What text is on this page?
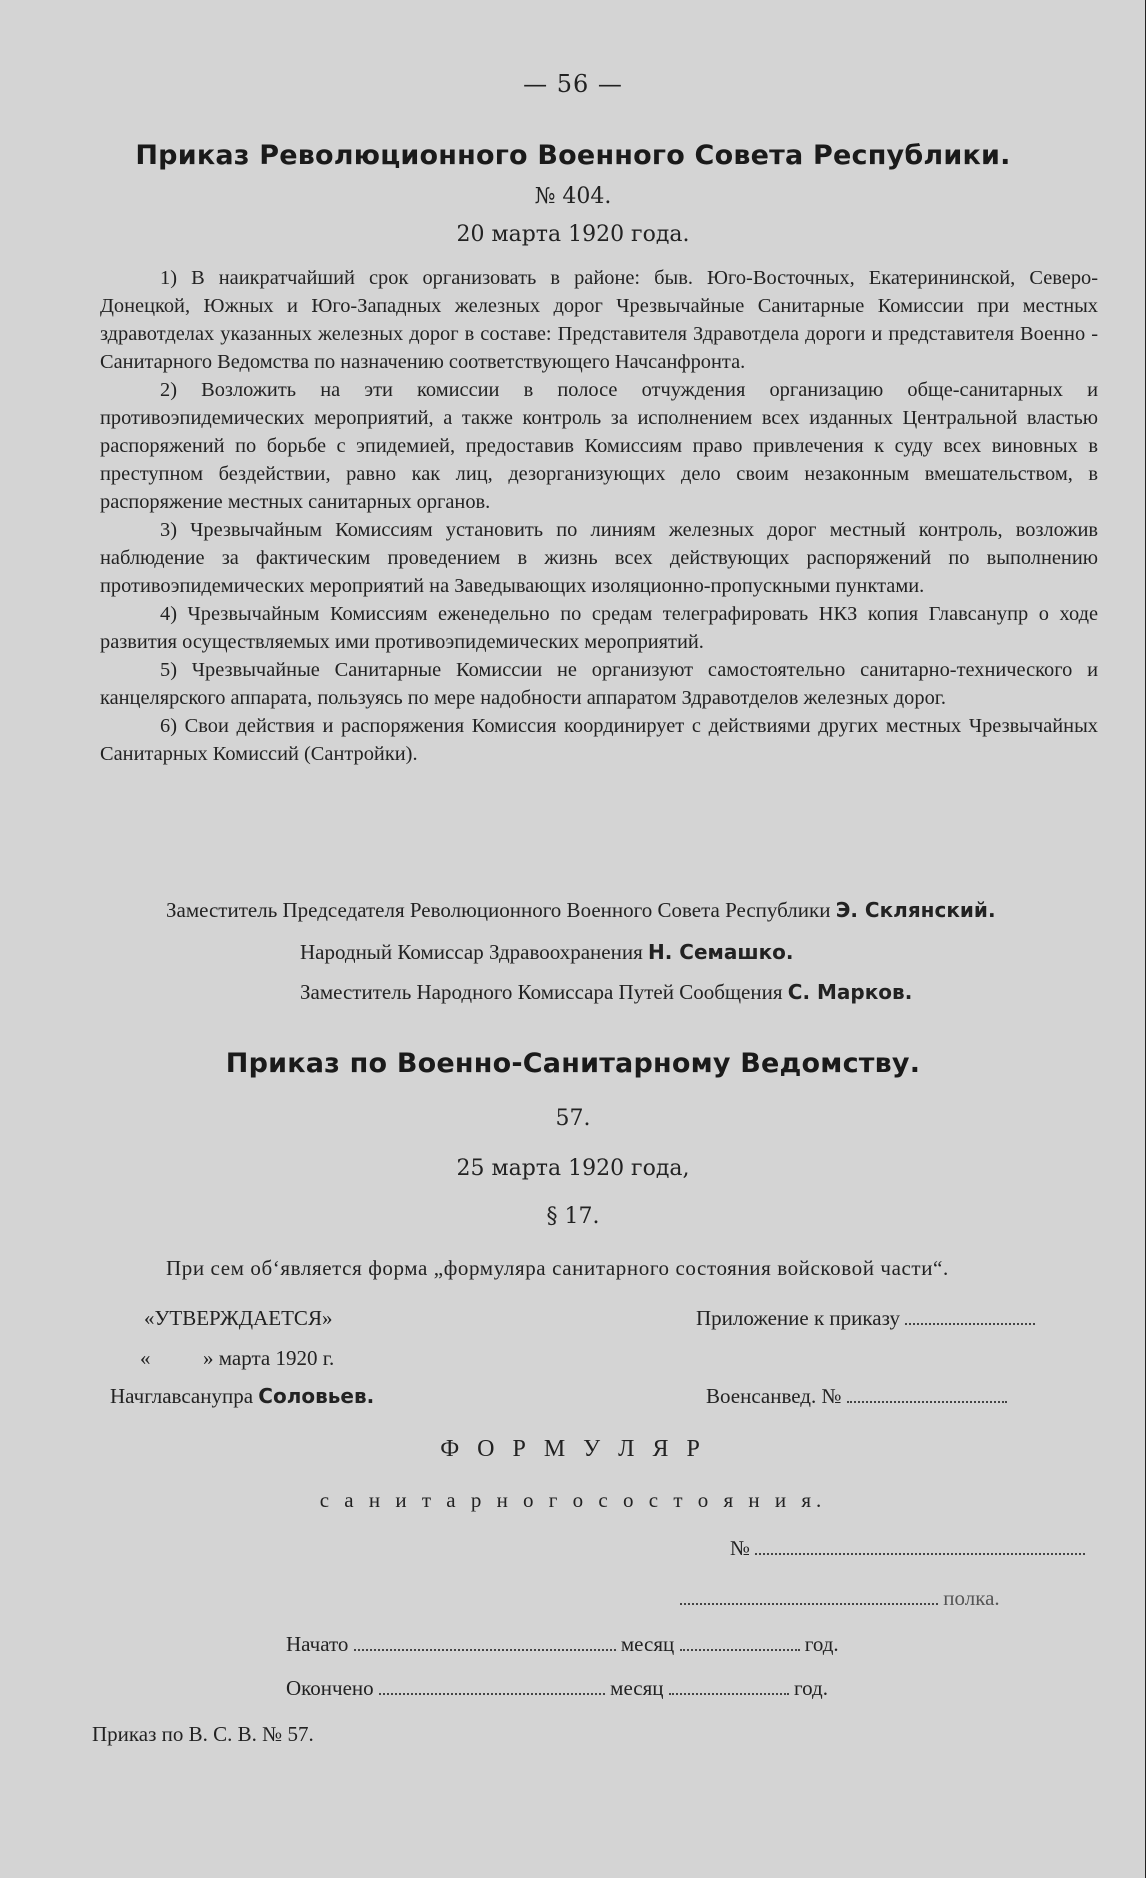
— 56 —
Приказ Революционного Военного Совета Республики.
№ 404.
20 марта 1920 года.

1) В наикратчайший срок организовать в районе: быв. Юго-Восточных, Екатерининской, Северо-Донецкой, Южных и Юго-Западных железных дорог Чрезвычайные Санитарные Комиссии при местных здравотделах указанных железных дорог в составе: Представителя Здравотдела дороги и представителя Военно - Санитарного Ведомства по назначению соответствующего Начсанфронта.

2) Возложить на эти комиссии в полосе отчуждения организацию обще-санитарных и противоэпидемических мероприятий, а также контроль за исполнением всех изданных Центральной властью распоряжений по борьбе с эпидемией, предоставив Комиссиям право привлечения к суду всех виновных в преступном бездействии, равно как лиц, дезорганизующих дело своим незаконным вмешательством, в распоряжение местных санитарных органов.

3) Чрезвычайным Комиссиям установить по линиям железных дорог местный контроль, возложив наблюдение за фактическим проведением в жизнь всех действующих распоряжений по выполнению противоэпидемических мероприятий на Заведывающих изоляционно-пропускными пунктами.

4) Чрезвычайным Комиссиям еженедельно по средам телеграфировать НКЗ копия Главсанупр о ходе развития осуществляемых ими противоэпидемических мероприятий.

5) Чрезвычайные Санитарные Комиссии не организуют самостоятельно санитарно-технического и канцелярского аппарата, пользуясь по мере надобности аппаратом Здравотделов железных дорог.

6) Свои действия и распоряжения Комиссия координирует с действиями других местных Чрезвычайных Санитарных Комиссий (Сантройки).

Заместитель Председателя Революционного Военного Совета Республики Э. Склянский.
Народный Комиссар Здравоохранения Н. Семашко.
Заместитель Народного Комиссара Путей Сообщения С. Марков.
Приказ по Военно-Санитарному Ведомству.
57.
25 марта 1920 года,
§ 17.
При сем об‘является форма „формуляра санитарного состояния войсковой части“.
«УТВЕРЖДАЕТСЯ»	Приложение к приказу
«	» марта 1920 г.
Начглавсанупра Соловьев.	Военсанвед. №
Ф О Р М У Л Я Р
с а н и т а р н о г о с о с т о я н и я.
№
полка.
Начато	месяц	год.
Окончено	месяц	год.
Приказ по В. С. В. № 57.
